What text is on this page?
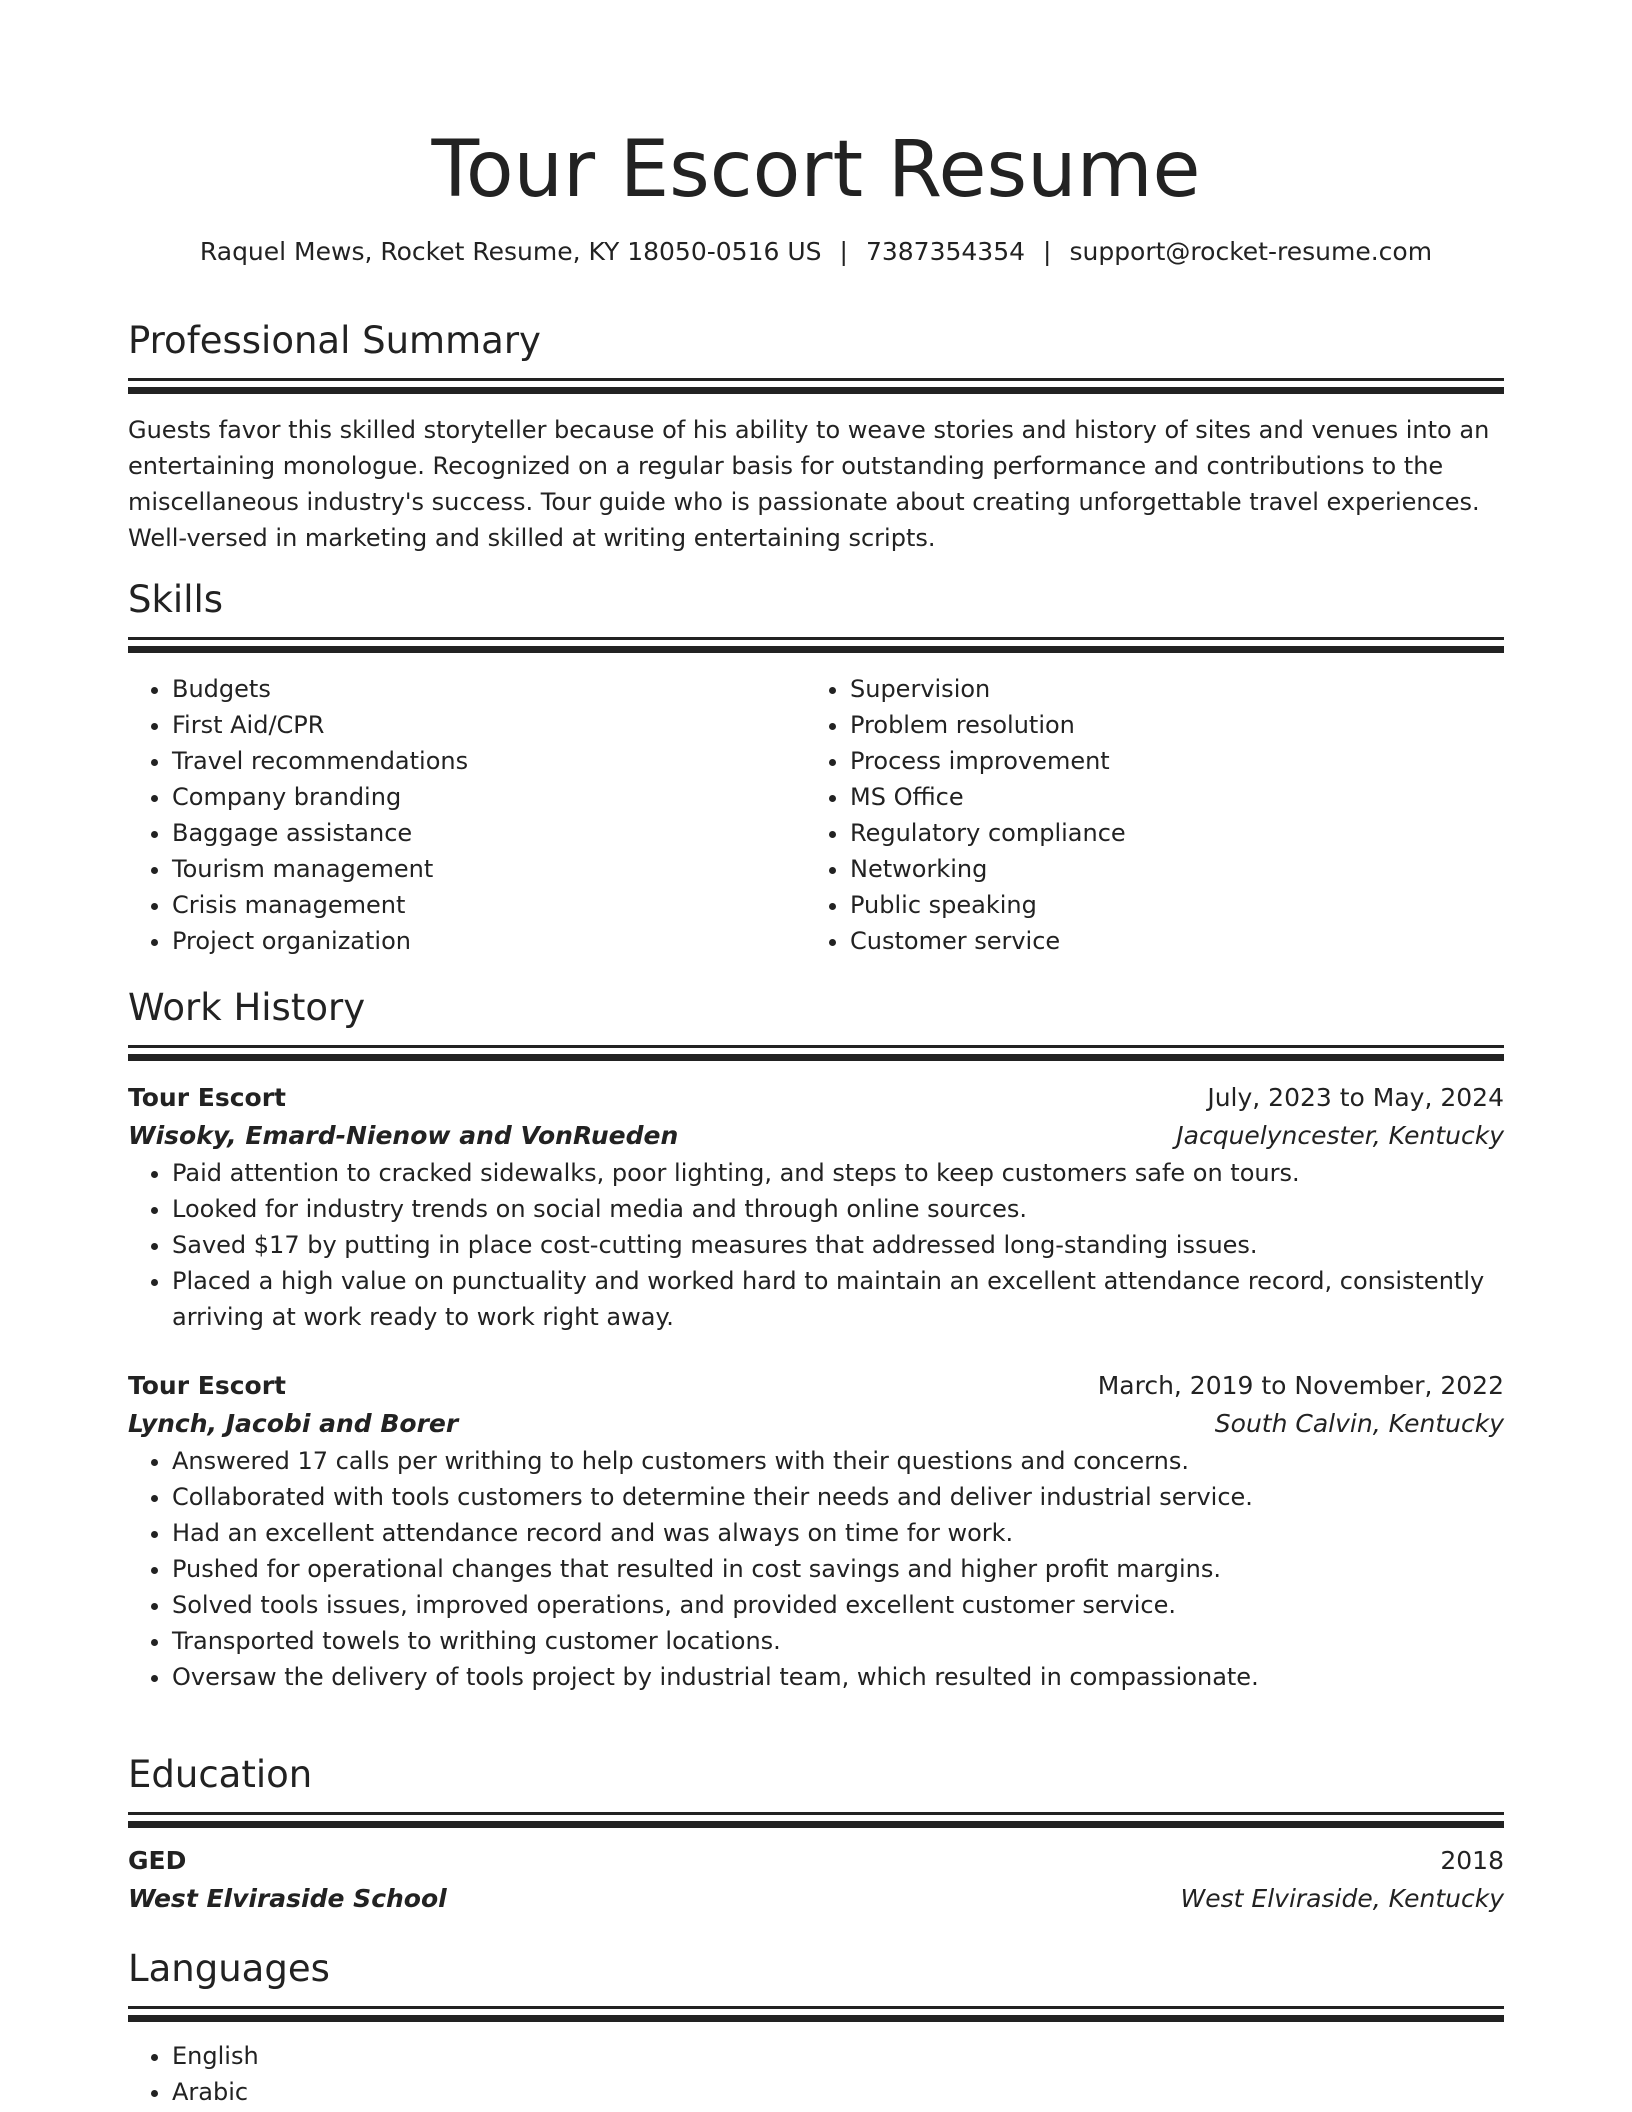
Tour Escort Resume
Raquel Mews, Rocket Resume, KY 18050-0516 US | 7387354354 | support@rocket-resume.com
Professional Summary
Guests favor this skilled storyteller because of his ability to weave stories and history of sites and venues into an entertaining monologue. Recognized on a regular basis for outstanding performance and contributions to the miscellaneous industry's success. Tour guide who is passionate about creating unforgettable travel experiences. Well-versed in marketing and skilled at writing entertaining scripts.
Skills
• Budgets
• First Aid/CPR
• Travel recommendations
• Company branding
• Baggage assistance
• Tourism management
• Crisis management
• Project organization
• Supervision
• Problem resolution
• Process improvement
• MS Office
• Regulatory compliance
• Networking
• Public speaking
• Customer service
Work History
Tour Escort	July, 2023 to May, 2024
Wisoky, Emard-Nienow and VonRueden	Jacquelyncester, Kentucky
• Paid attention to cracked sidewalks, poor lighting, and steps to keep customers safe on tours.
• Looked for industry trends on social media and through online sources.
• Saved $17 by putting in place cost-cutting measures that addressed long-standing issues.
• Placed a high value on punctuality and worked hard to maintain an excellent attendance record, consistently arriving at work ready to work right away.
Tour Escort	March, 2019 to November, 2022
Lynch, Jacobi and Borer	South Calvin, Kentucky
• Answered 17 calls per writhing to help customers with their questions and concerns.
• Collaborated with tools customers to determine their needs and deliver industrial service.
• Had an excellent attendance record and was always on time for work.
• Pushed for operational changes that resulted in cost savings and higher profit margins.
• Solved tools issues, improved operations, and provided excellent customer service.
• Transported towels to writhing customer locations.
• Oversaw the delivery of tools project by industrial team, which resulted in compassionate.
Education
GED	2018
West Elviraside School	West Elviraside, Kentucky
Languages
• English
• Arabic
